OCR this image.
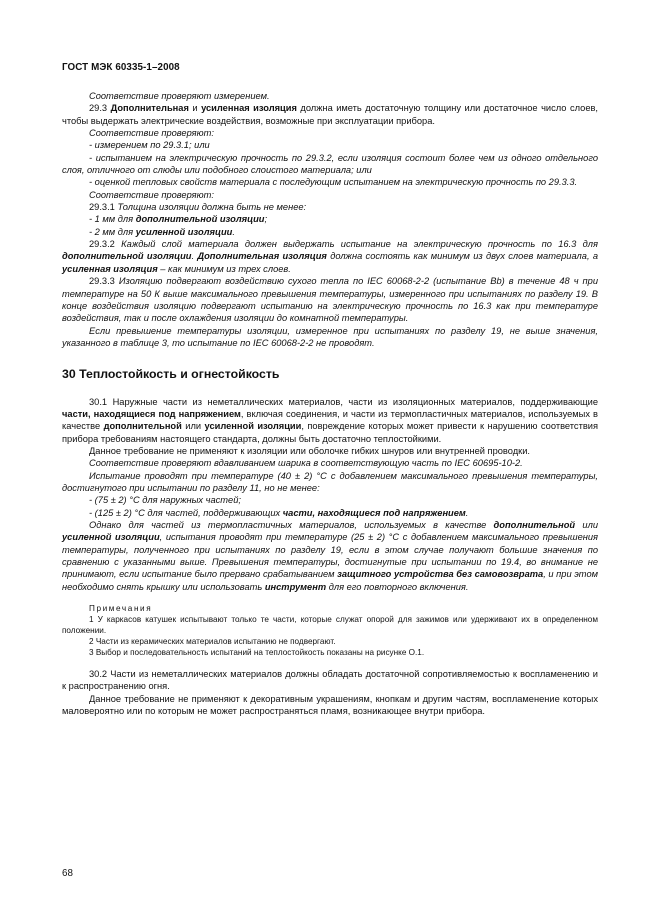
ГОСТ МЭК 60335-1–2008

Соответствие проверяют измерением.

29.3 Дополнительная и усиленная изоляция должна иметь достаточную толщину или достаточное число слоев, чтобы выдержать электрические воздействия, возможные при эксплуатации прибора.

Соответствие проверяют:

- измерением по 29.3.1; или

- испытанием на электрическую прочность по 29.3.2, если изоляция состоит более чем из одного отдельного слоя, отличного от слюды или подобного слоистого материала; или

- оценкой тепловых свойств материала с последующим испытанием на электрическую прочность по 29.3.3.

Соответствие проверяют:

29.3.1 Толщина изоляции должна быть не менее:

- 1 мм для дополнительной изоляции;

- 2 мм для усиленной изоляции.

29.3.2 Каждый слой материала должен выдержать испытание на электрическую прочность по 16.3 для дополнительной изоляции. Дополнительная изоляция должна состоять как минимум из двух слоев материала, а усиленная изоляция – как минимум из трех слоев.

29.3.3 Изоляцию подвергают воздействию сухого тепла по IEC 60068-2-2 (испытание Bb) в течение 48 ч при температуре на 50 К выше максимального превышения температуры, измеренного при испытаниях по разделу 19. В конце воздействия изоляцию подвергают испытанию на электрическую прочность по 16.3 как при температуре воздействия, так и после охлаждения изоляции до комнатной температуры.

Если превышение температуры изоляции, измеренное при испытаниях по разделу 19, не выше значения, указанного в таблице 3, то испытание по IEC 60068-2-2 не проводят.

30 Теплостойкость и огнестойкость

30.1 Наружные части из неметаллических материалов, части из изоляционных материалов, поддерживающие части, находящиеся под напряжением, включая соединения, и части из термопластичных материалов, используемых в качестве дополнительной или усиленной изоляции, повреждение которых может привести к нарушению соответствия прибора требованиям настоящего стандарта, должны быть достаточно теплостойкими.

Данное требование не применяют к изоляции или оболочке гибких шнуров или внутренней проводки.

Соответствие проверяют вдавливанием шарика в соответствующую часть по IEC 60695-10-2.

Испытание проводят при температуре (40 ± 2) °С с добавлением максимального превышения температуры, достигнутого при испытании по разделу 11, но не менее:

- (75 ± 2) °С для наружных частей;

- (125 ± 2) °С для частей, поддерживающих части, находящиеся под напряжением.

Однако для частей из термопластичных материалов, используемых в качестве дополнительной или усиленной изоляции, испытания проводят при температуре (25 ± 2) °С с добавлением максимального превышения температуры, полученного при испытаниях по разделу 19, если в этом случае получают большие значения по сравнению с указанными выше. Превышения температуры, достигнутые при испытании по 19.4, во внимание не принимают, если испытание было прервано срабатыванием защитного устройства без самовозврата, и при этом необходимо снять крышку или использовать инструмент для его повторного включения.

Примечания

1 У каркасов катушек испытывают только те части, которые служат опорой для зажимов или удерживают их в определенном положении.

2 Части из керамических материалов испытанию не подвергают.

3 Выбор и последовательность испытаний на теплостойкость показаны на рисунке О.1.

30.2 Части из неметаллических материалов должны обладать достаточной сопротивляемостью к воспламенению и к распространению огня.

Данное требование не применяют к декоративным украшениям, кнопкам и другим частям, воспламенение которых маловероятно или по которым не может распространяться пламя, возникающее внутри прибора.

68
